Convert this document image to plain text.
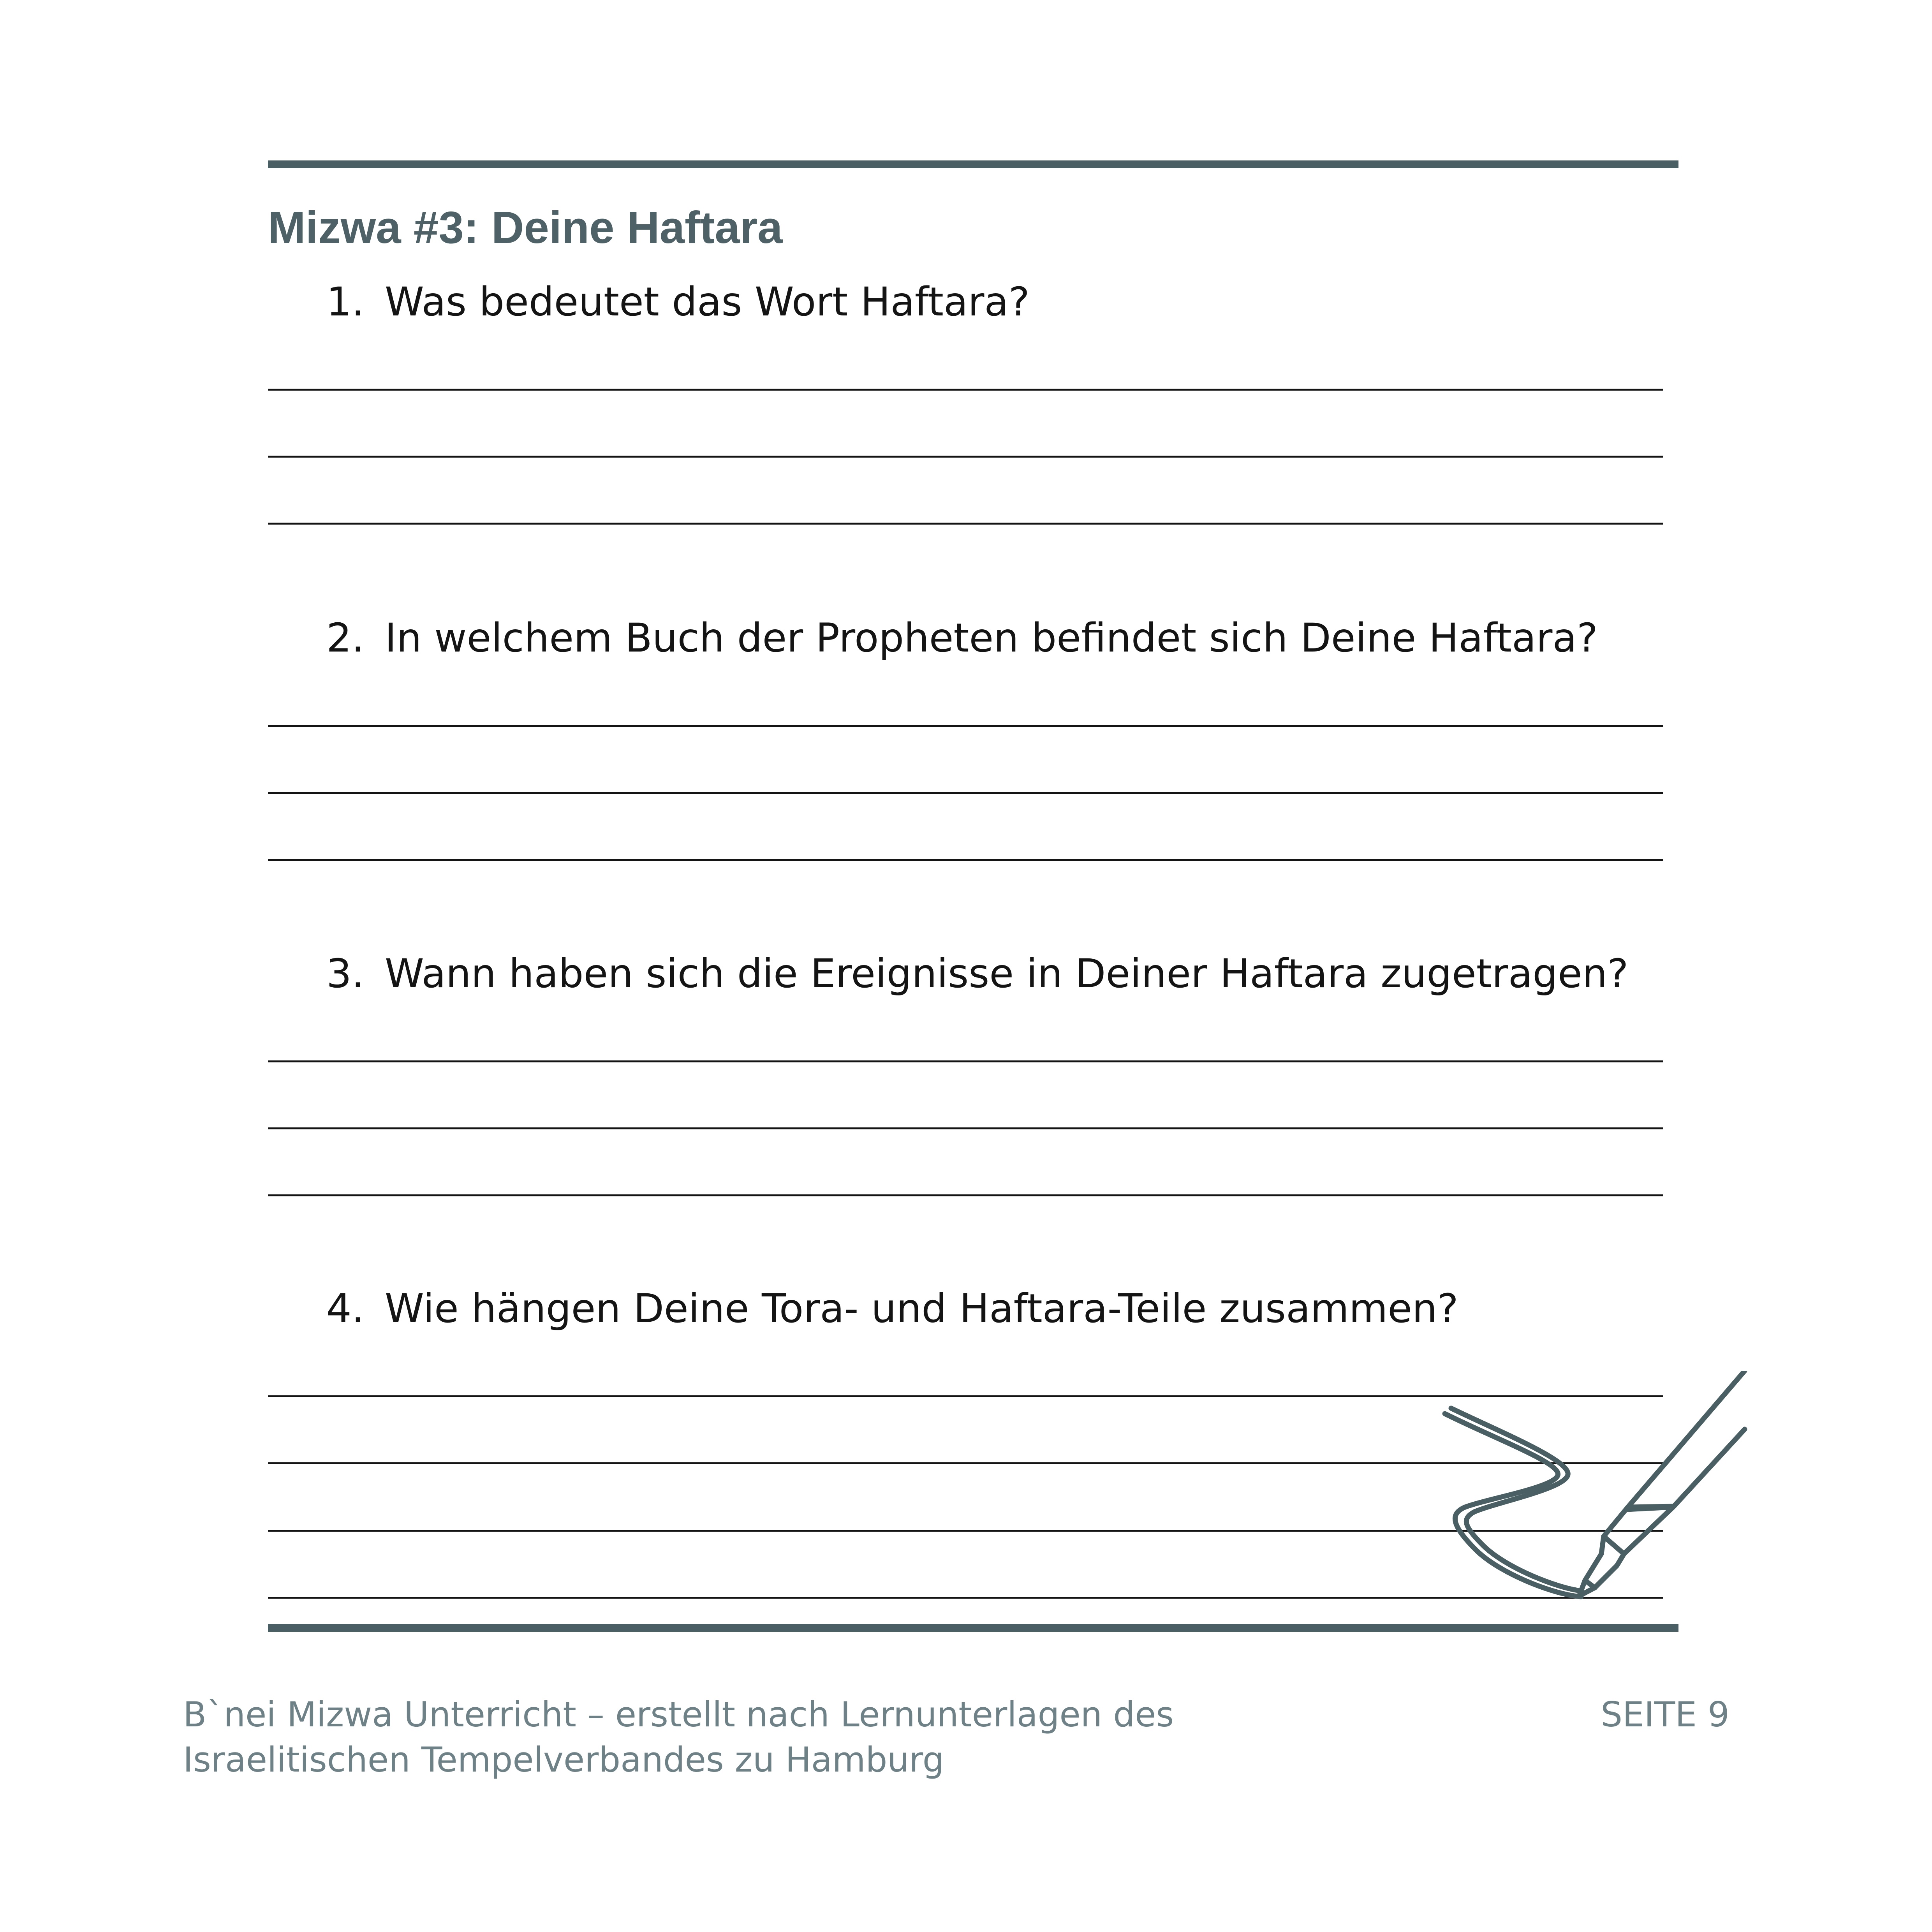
Mizwa #3: Deine Haftara

1. Was bedeutet das Wort Haftara?

2. In welchem Buch der Propheten befindet sich Deine Haftara?

3. Wann haben sich die Ereignisse in Deiner Haftara zugetragen?

4. Wie hängen Deine Tora- und Haftara-Teile zusammen?

B`nei Mizwa Unterricht – erstellt nach Lernunterlagen des
Israelitischen Tempelverbandes zu Hamburg

SEITE 9
